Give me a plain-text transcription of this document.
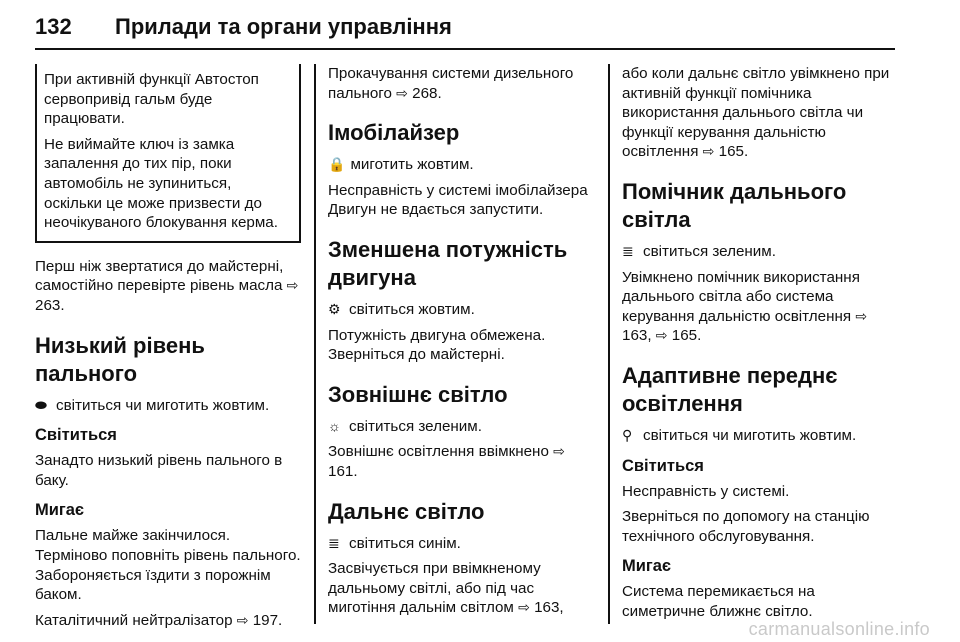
132 Прилади та органи управління

При активній функції Автостоп сервопривід гальм буде працювати.

Не виймайте ключ із замка запалення до тих пір, поки автомобіль не зупиниться, оскільки це може призвести до неочікуваного блокування керма.

Перш ніж звертатися до майстерні, самостійно перевірте рівень масла ⇨ 263.

Низький рівень пального

⬬ світиться чи миготить жовтим.

Світиться

Занадто низький рівень пального в баку.

Мигає

Пальне майже закінчилося. Терміново поповніть рівень пального. Забороняється їздити з порожнім баком.

Каталітичний нейтралізатор ⇨ 197.

Прокачування системи дизельного пального ⇨ 268.

Імобілайзер

🔒 миготить жовтим.

Несправність у системі імобілайзера Двигун не вдається запустити.

Зменшена потужність двигуна

⚙ світиться жовтим.

Потужність двигуна обмежена. Зверніться до майстерні.

Зовнішнє світло

☼ світиться зеленим.

Зовнішнє освітлення ввімкнено ⇨ 161.

Дальнє світло

≣ світиться синім.

Засвічується при ввімкненому дальньому світлі, або під час миготіння дальнім світлом ⇨ 163,

або коли дальнє світло увімкнено при активній функції помічника використання дальнього світла чи функції керування дальністю освітлення ⇨ 165.

Помічник дальнього світла

≣ світиться зеленим.

Увімкнено помічник використання дальнього світла або система керування дальністю освітлення ⇨ 163, ⇨ 165.

Адаптивне переднє освітлення

⚲ світиться чи миготить жовтим.

Світиться

Несправність у системі.

Зверніться по допомогу на станцію технічного обслуговування.

Мигає

Система перемикається на симетричне ближнє світло.

carmanualsonline.info
